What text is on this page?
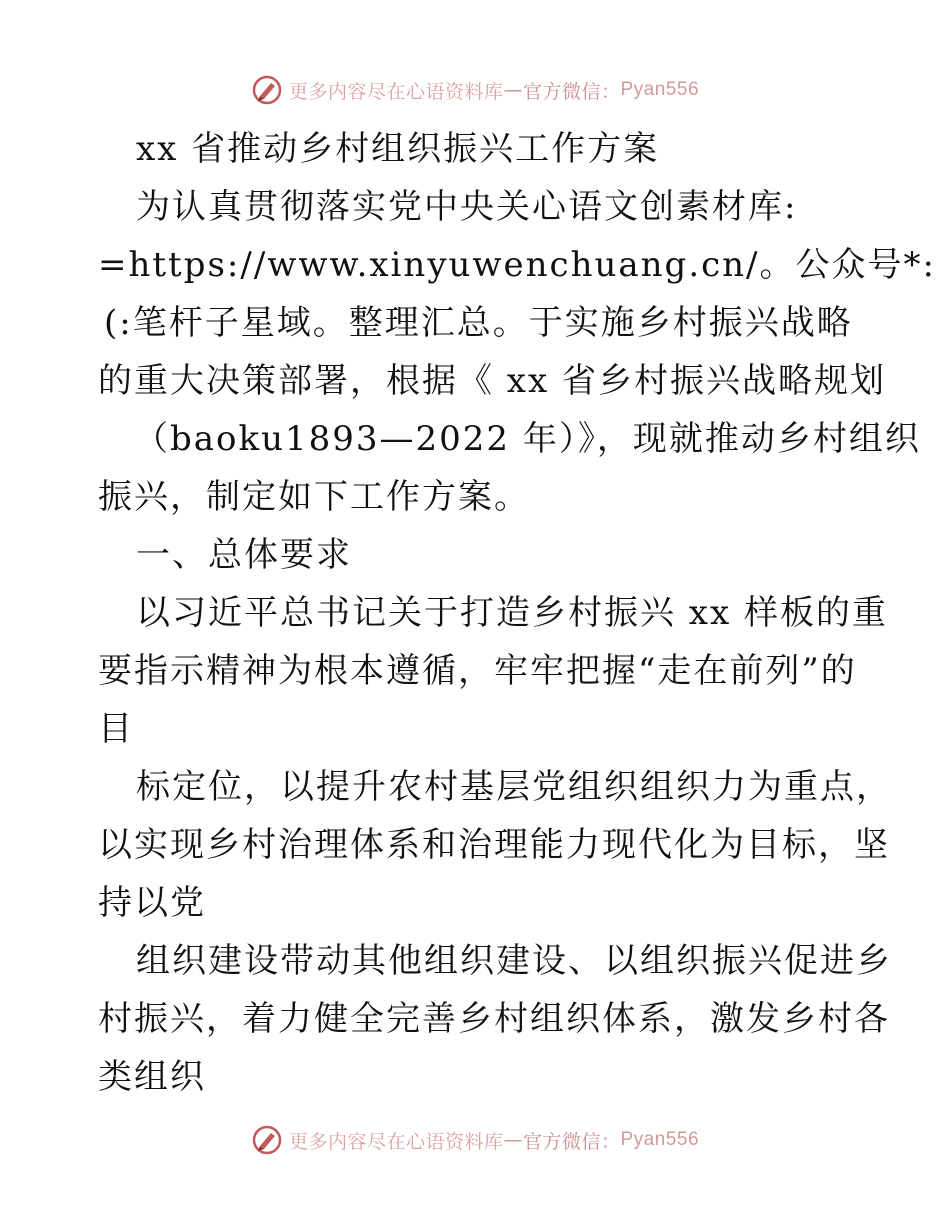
更多内容尽在心语资料库 — 官方微信： Pyan556
xx 省推动乡村组织振兴工作方案
为认真贯彻落实党中央关心语文创素材库:
=https://www.xinyuwenchuang.cn/。公众号*:
(:笔杆子星域。整理汇总。于实施乡村振兴战略
的重大决策部署，根据《 xx 省乡村振兴战略规划
（baoku1893—2022 年）》，现就推动乡村组织
振兴，制定如下工作方案。
一、总体要求
以习近平总书记关于打造乡村振兴 xx 样板的重
要指示精神为根本遵循，牢牢把握“走在前列”的
目
标定位，以提升农村基层党组织组织力为重点，
以实现乡村治理体系和治理能力现代化为目标，坚
持以党
组织建设带动其他组织建设、以组织振兴促进乡
村振兴，着力健全完善乡村组织体系，激发乡村各
类组织
更多内容尽在心语资料库 — 官方微信： Pyan556
